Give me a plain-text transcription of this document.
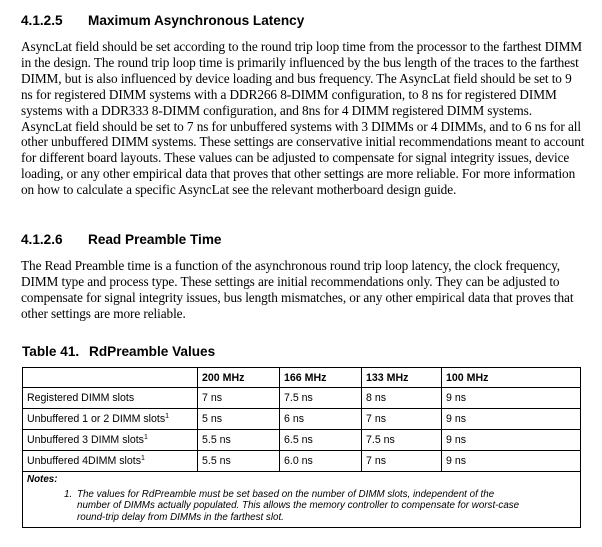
4.1.2.5 Maximum Asynchronous Latency
AsyncLat field should be set according to the round trip loop time from the processor to the farthest DIMM in the design. The round trip loop time is primarily influenced by the bus length of the traces to the farthest DIMM, but is also influenced by device loading and bus frequency. The AsyncLat field should be set to 9 ns for registered DIMM systems with a DDR266 8-DIMM configuration, to 8 ns for registered DIMM systems with a DDR333 8-DIMM configuration, and 8ns for 4 DIMM registered DIMM systems. AsyncLat field should be set to 7 ns for unbuffered systems with 3 DIMMs or 4 DIMMs, and to 6 ns for all other unbuffered DIMM systems. These settings are conservative initial recommendations meant to account for different board layouts. These values can be adjusted to compensate for signal integrity issues, device loading, or any other empirical data that proves that other settings are more reliable. For more information on how to calculate a specific AsyncLat see the relevant motherboard design guide.
4.1.2.6 Read Preamble Time
The Read Preamble time is a function of the asynchronous round trip loop latency, the clock frequency, DIMM type and process type. These settings are initial recommendations only. They can be adjusted to compensate for signal integrity issues, bus length mismatches, or any other empirical data that proves that other settings are more reliable.
Table 41. RdPreamble Values
	200 MHz	166 MHz	133 MHz	100 MHz
Registered DIMM slots	7 ns	7.5 ns	8 ns	9 ns
Unbuffered 1 or 2 DIMM slots$^1$	5 ns	6 ns	7 ns	9 ns
Unbuffered 3 DIMM slots$^1$	5.5 ns	6.5 ns	7.5 ns	9 ns
Unbuffered 4DIMM slots$^1$	5.5 ns	6.0 ns	7 ns	9 ns

Notes:
1. The values for RdPreamble must be set based on the number of DIMM slots, independent of the number of DIMMs actually populated. This allows the memory controller to compensate for worst-case round-trip delay from DIMMs in the farthest slot.				
